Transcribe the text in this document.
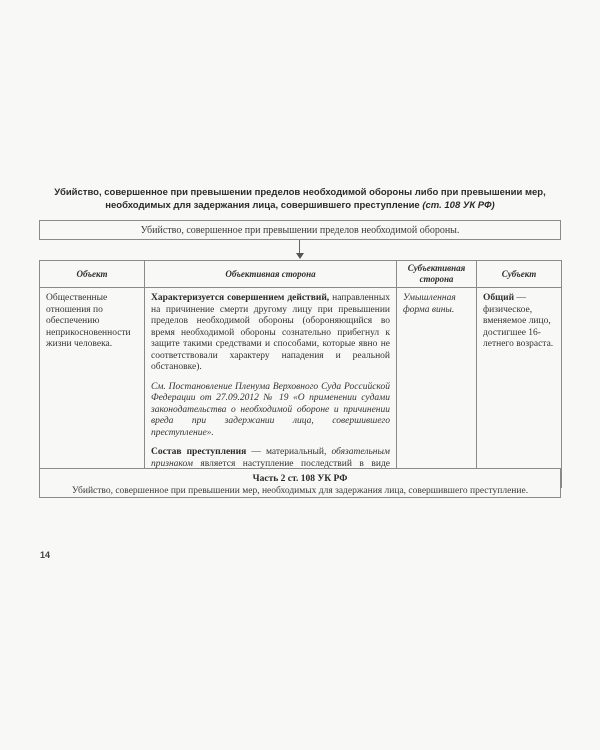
Убийство, совершенное при превышении пределов необходимой обороны либо при превышении мер,
необходимых для задержания лица, совершившего преступление (ст. 108 УК РФ)
Убийство, совершенное при превышении пределов необходимой обороны.
Объект	Объективная сторона	Субъективная сторона	Субъект
Общественные отношения по обеспечению неприкосновенности жизни человека.	Характеризуется совершением действий, направленных на причинение смерти другому лицу при превышении пределов необходимой обороны (обороняющийся во время необходимой обороны сознательно прибегнул к защите такими средствами и способами, которые явно не соответствовали характеру нападения и реальной обстановке).

См. Постановление Пленума Верховного Суда Российской Федерации от 27.09.2012 № 19 «О применении судами законодательства о необходимой обороне и причинении вреда при задержании лица, совершившего преступление».

Состав преступления — материальный, обязательным признаком является наступление последствий в виде	Умышленная форма вины.	Общий — физическое, вменяемое лицо, достигшее 16-летнего возраста.
Часть 2 ст. 108 УК РФ
Убийство, совершенное при превышении мер, необходимых для задержания лица, совершившего преступление.
14
